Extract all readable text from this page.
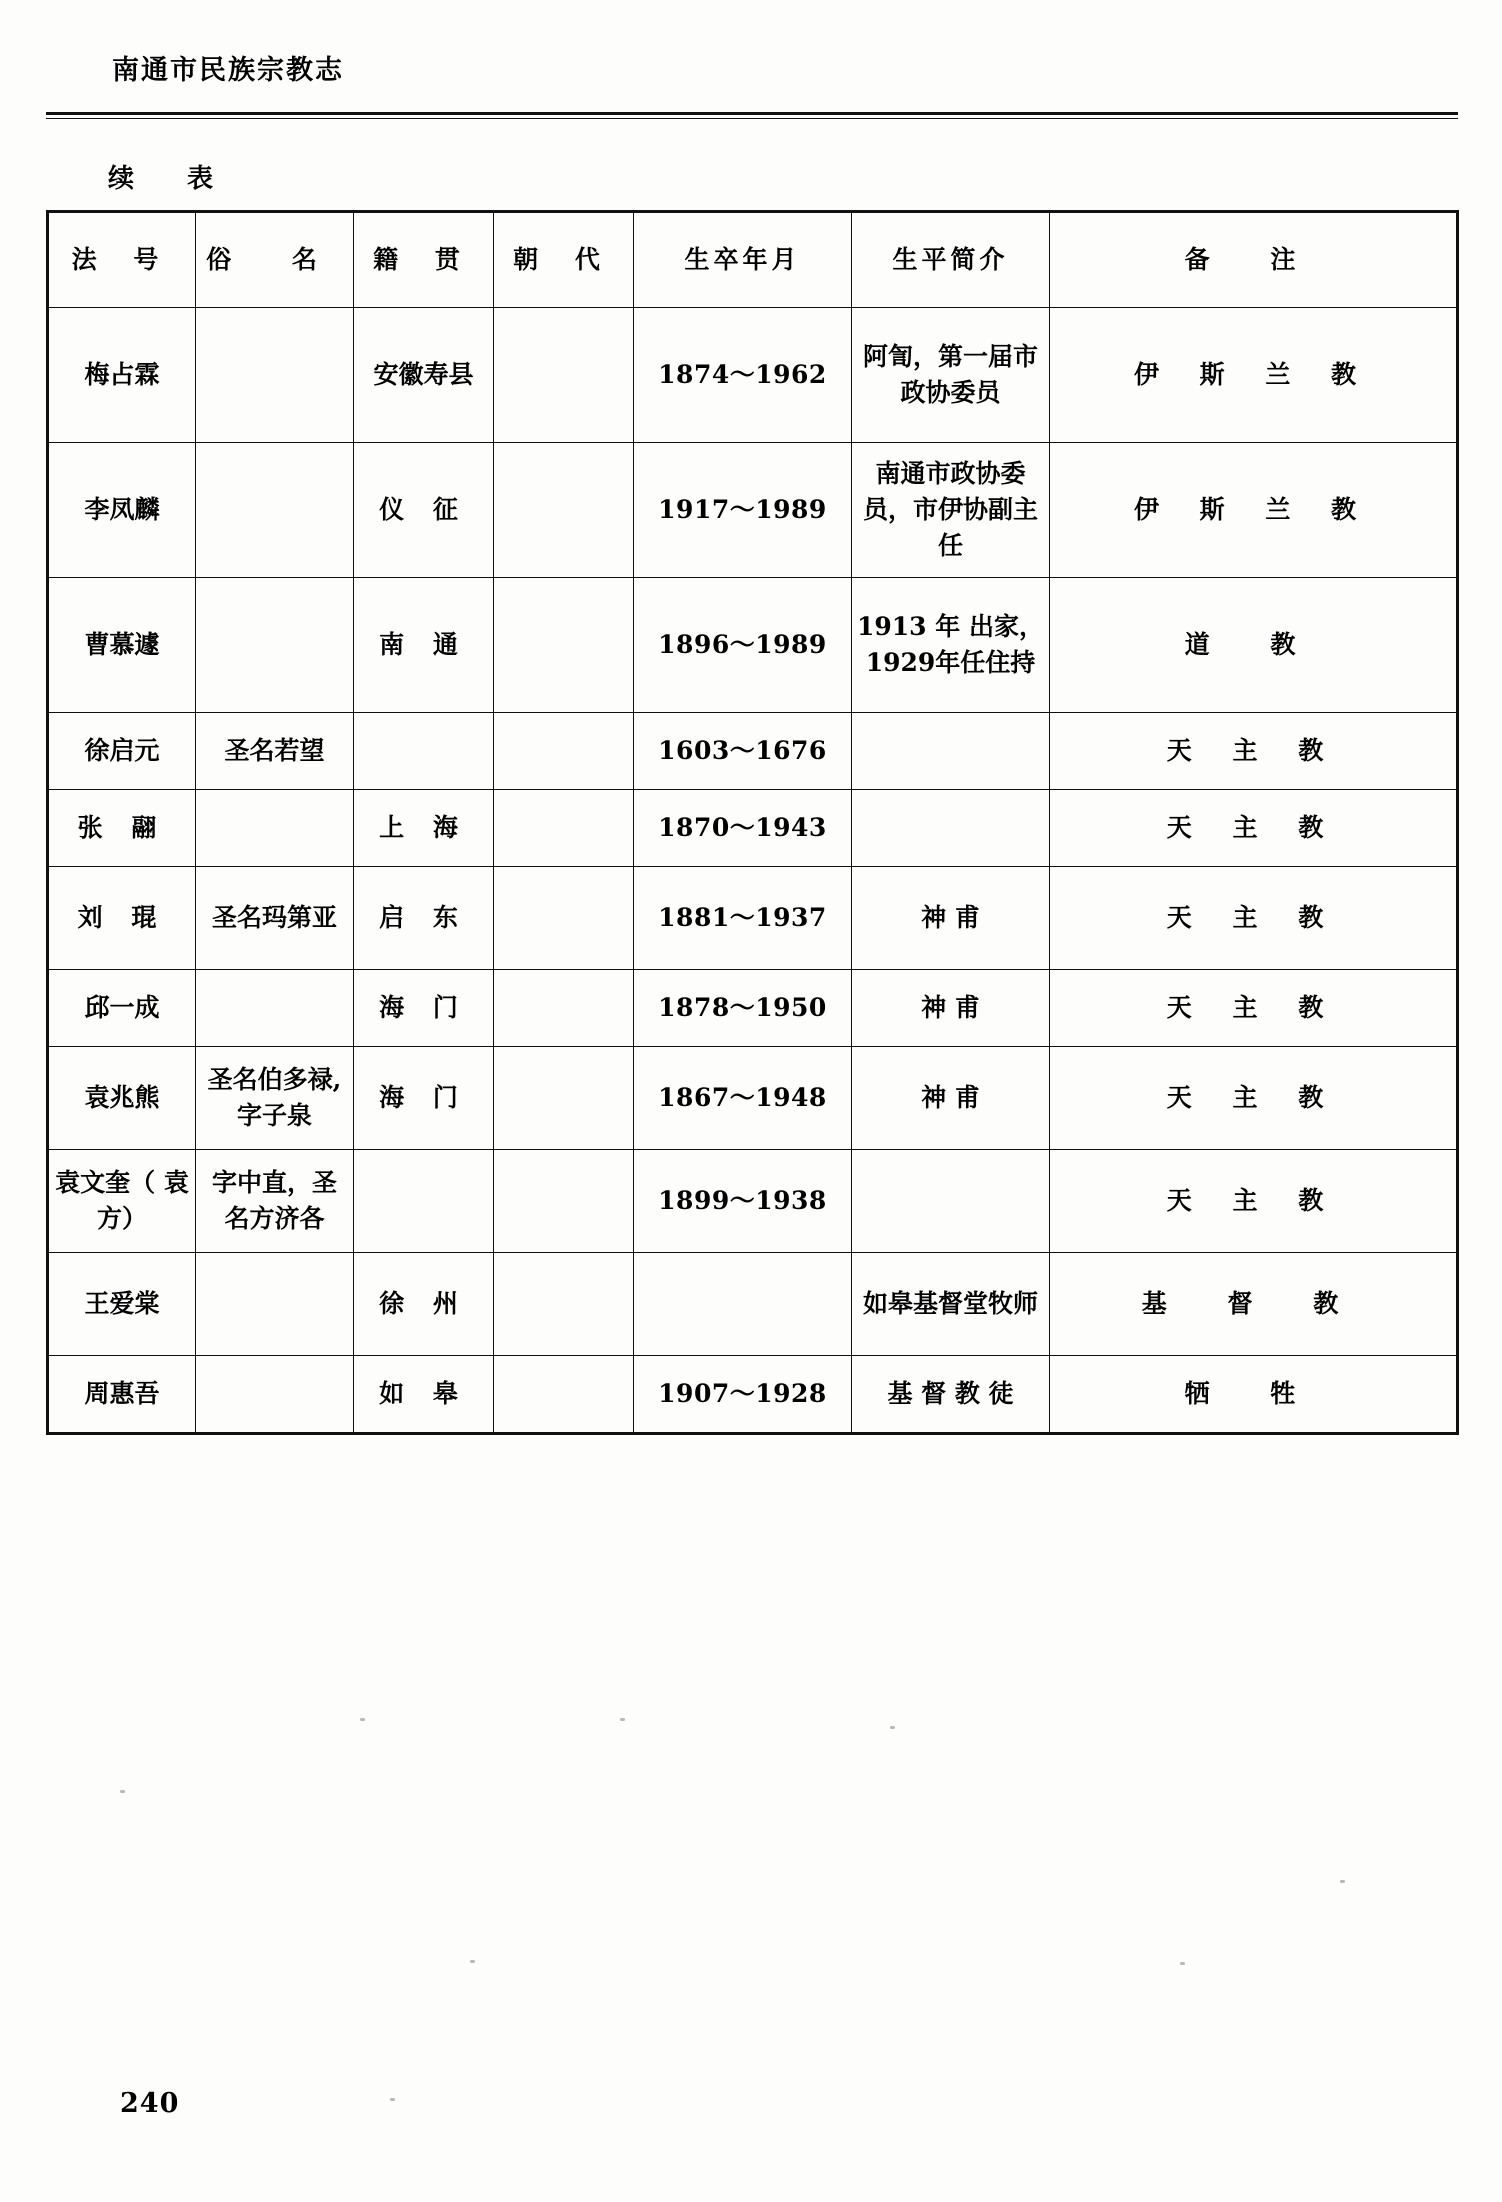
南通市民族宗教志
续 表
法 号	俗 名	籍 贯	朝 代	生卒年月	生平简介	备 注
梅占霖		安徽寿县		1874～1962	阿訇，第一届市政协委员	伊 斯 兰 教
李凤麟		仪 征		1917～1989	南通市政协委员，市伊协副主任	伊 斯 兰 教
曹慕遽		南 通		1896～1989	1913 年 出家，1929年任住持	道 教
徐启元	圣名若望			1603～1676		天 主 教
张 翮		上 海		1870～1943		天 主 教
刘 琨	圣名玛第亚	启 东		1881～1937	神 甫	天 主 教
邱一成		海 门		1878～1950	神 甫	天 主 教
袁兆熊	圣名伯多禄,字子泉	海 门		1867～1948	神 甫	天 主 教
袁文奎（ 袁方）	字中直，圣名方济各			1899～1938		天 主 教
王爱棠		徐 州			如皋基督堂牧师	基 督 教
周惠吾		如 皋		1907～1928	基 督 教 徒	牺 牲
240
